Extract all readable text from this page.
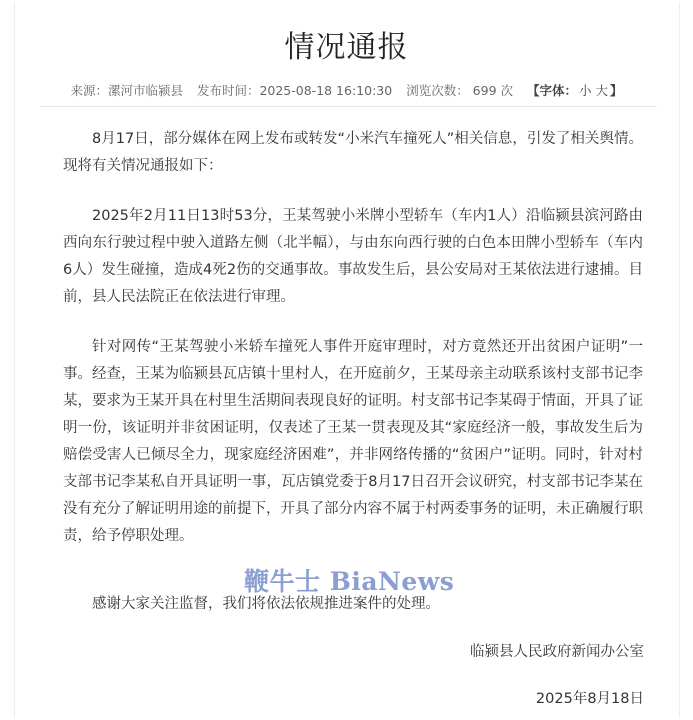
情况通报
来源：漯河市临颍县 发布时间：2025-08-18 16:10:30 浏览次数： 699 次 【字体： 小 大 】

8月17日，部分媒体在网上发布或转发“小米汽车撞死人”相关信息，引发了相关舆情。现将有关情况通报如下：

2025年2月11日13时53分，王某驾驶小米牌小型轿车（车内1人）沿临颍县滨河路由西向东行驶过程中驶入道路左侧（北半幅），与由东向西行驶的白色本田牌小型轿车（车内6人）发生碰撞，造成4死2伤的交通事故。事故发生后，县公安局对王某依法进行逮捕。目前，县人民法院正在依法进行审理。

针对网传“王某驾驶小米轿车撞死人事件开庭审理时，对方竟然还开出贫困户证明”一事。经查，王某为临颍县瓦店镇十里村人，在开庭前夕，王某母亲主动联系该村支部书记李某，要求为王某开具在村里生活期间表现良好的证明。村支部书记李某碍于情面，开具了证明一份，该证明并非贫困证明，仅表述了王某一贯表现及其“家庭经济一般，事故发生后为赔偿受害人已倾尽全力，现家庭经济困难”，并非网络传播的“贫困户”证明。同时，针对村支部书记李某私自开具证明一事，瓦店镇党委于8月17日召开会议研究，村支部书记李某在没有充分了解证明用途的前提下，开具了部分内容不属于村两委事务的证明，未正确履行职责，给予停职处理。

感谢大家关注监督，我们将依法依规推进案件的处理。

临颍县人民政府新闻办公室
2025年8月18日
鞭牛士 BiaNews
